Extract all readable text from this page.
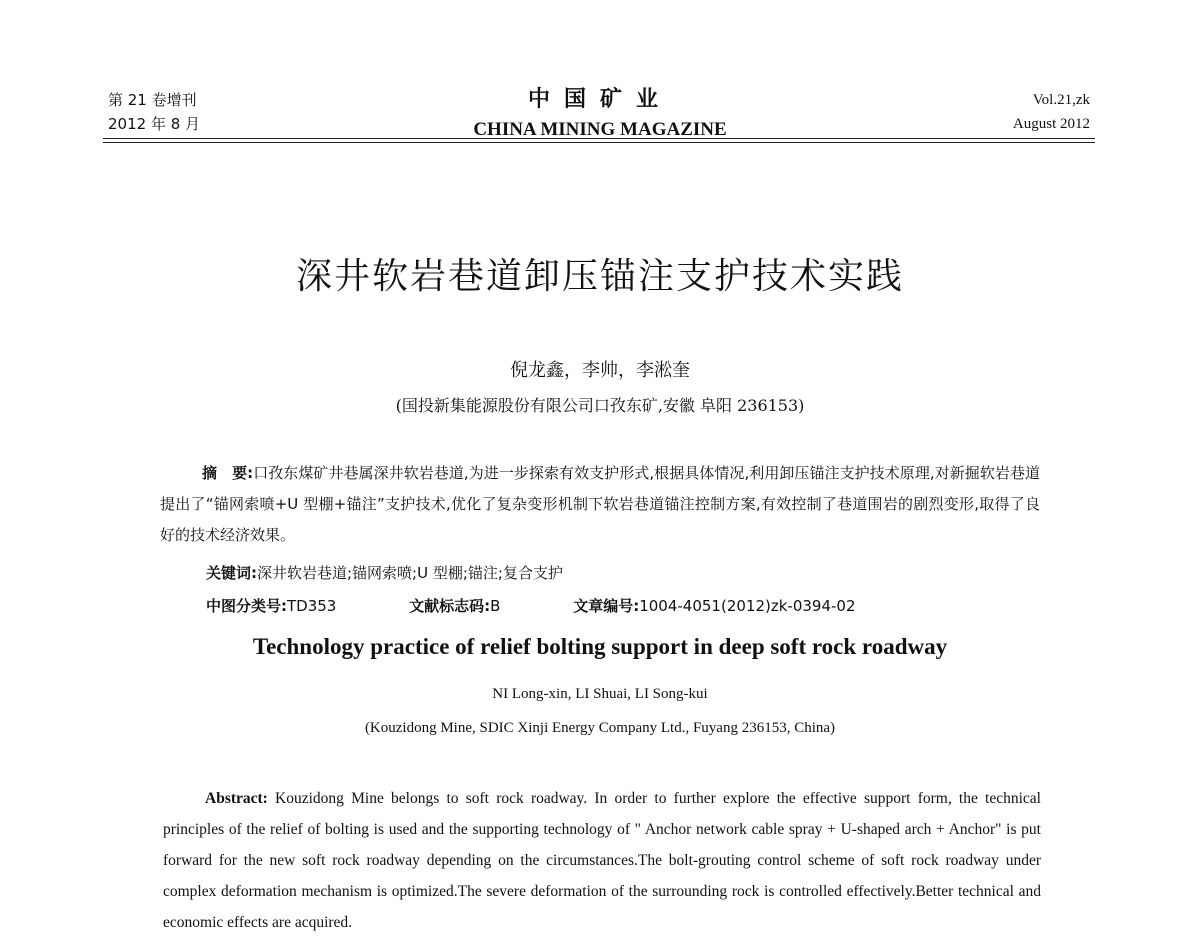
第 21 卷增刊
2012 年 8 月
中国矿业
CHINA MINING MAGAZINE
Vol.21,zk
August 2012
深井软岩巷道卸压锚注支护技术实践
倪龙鑫，李帅，李淞奎
(国投新集能源股份有限公司口孜东矿,安徽 阜阳 236153)
摘　要:口孜东煤矿井巷属深井软岩巷道,为进一步探索有效支护形式,根据具体情况,利用卸压锚注支护技术原理,对新掘软岩巷道提出了“锚网索喷+U 型棚+锚注”支护技术,优化了复杂变形机制下软岩巷道锚注控制方案,有效控制了巷道围岩的剧烈变形,取得了良好的技术经济效果。
关键词:深井软岩巷道;锚网索喷;U 型棚;锚注;复合支护
中图分类号:TD353	文献标志码:B	文章编号:1004-4051(2012)zk-0394-02
Technology practice of relief bolting support in deep soft rock roadway
NI Long-xin, LI Shuai, LI Song-kui
(Kouzidong Mine, SDIC Xinji Energy Company Ltd., Fuyang 236153, China)
Abstract: Kouzidong Mine belongs to soft rock roadway. In order to further explore the effective support form, the technical principles of the relief of bolting is used and the supporting technology of " Anchor network cable spray + U-shaped arch + Anchor" is put forward for the new soft rock roadway depending on the circumstances.The bolt-grouting control scheme of soft rock roadway under complex deformation mechanism is optimized.The severe deformation of the surrounding rock is controlled effectively.Better technical and economic effects are acquired.
